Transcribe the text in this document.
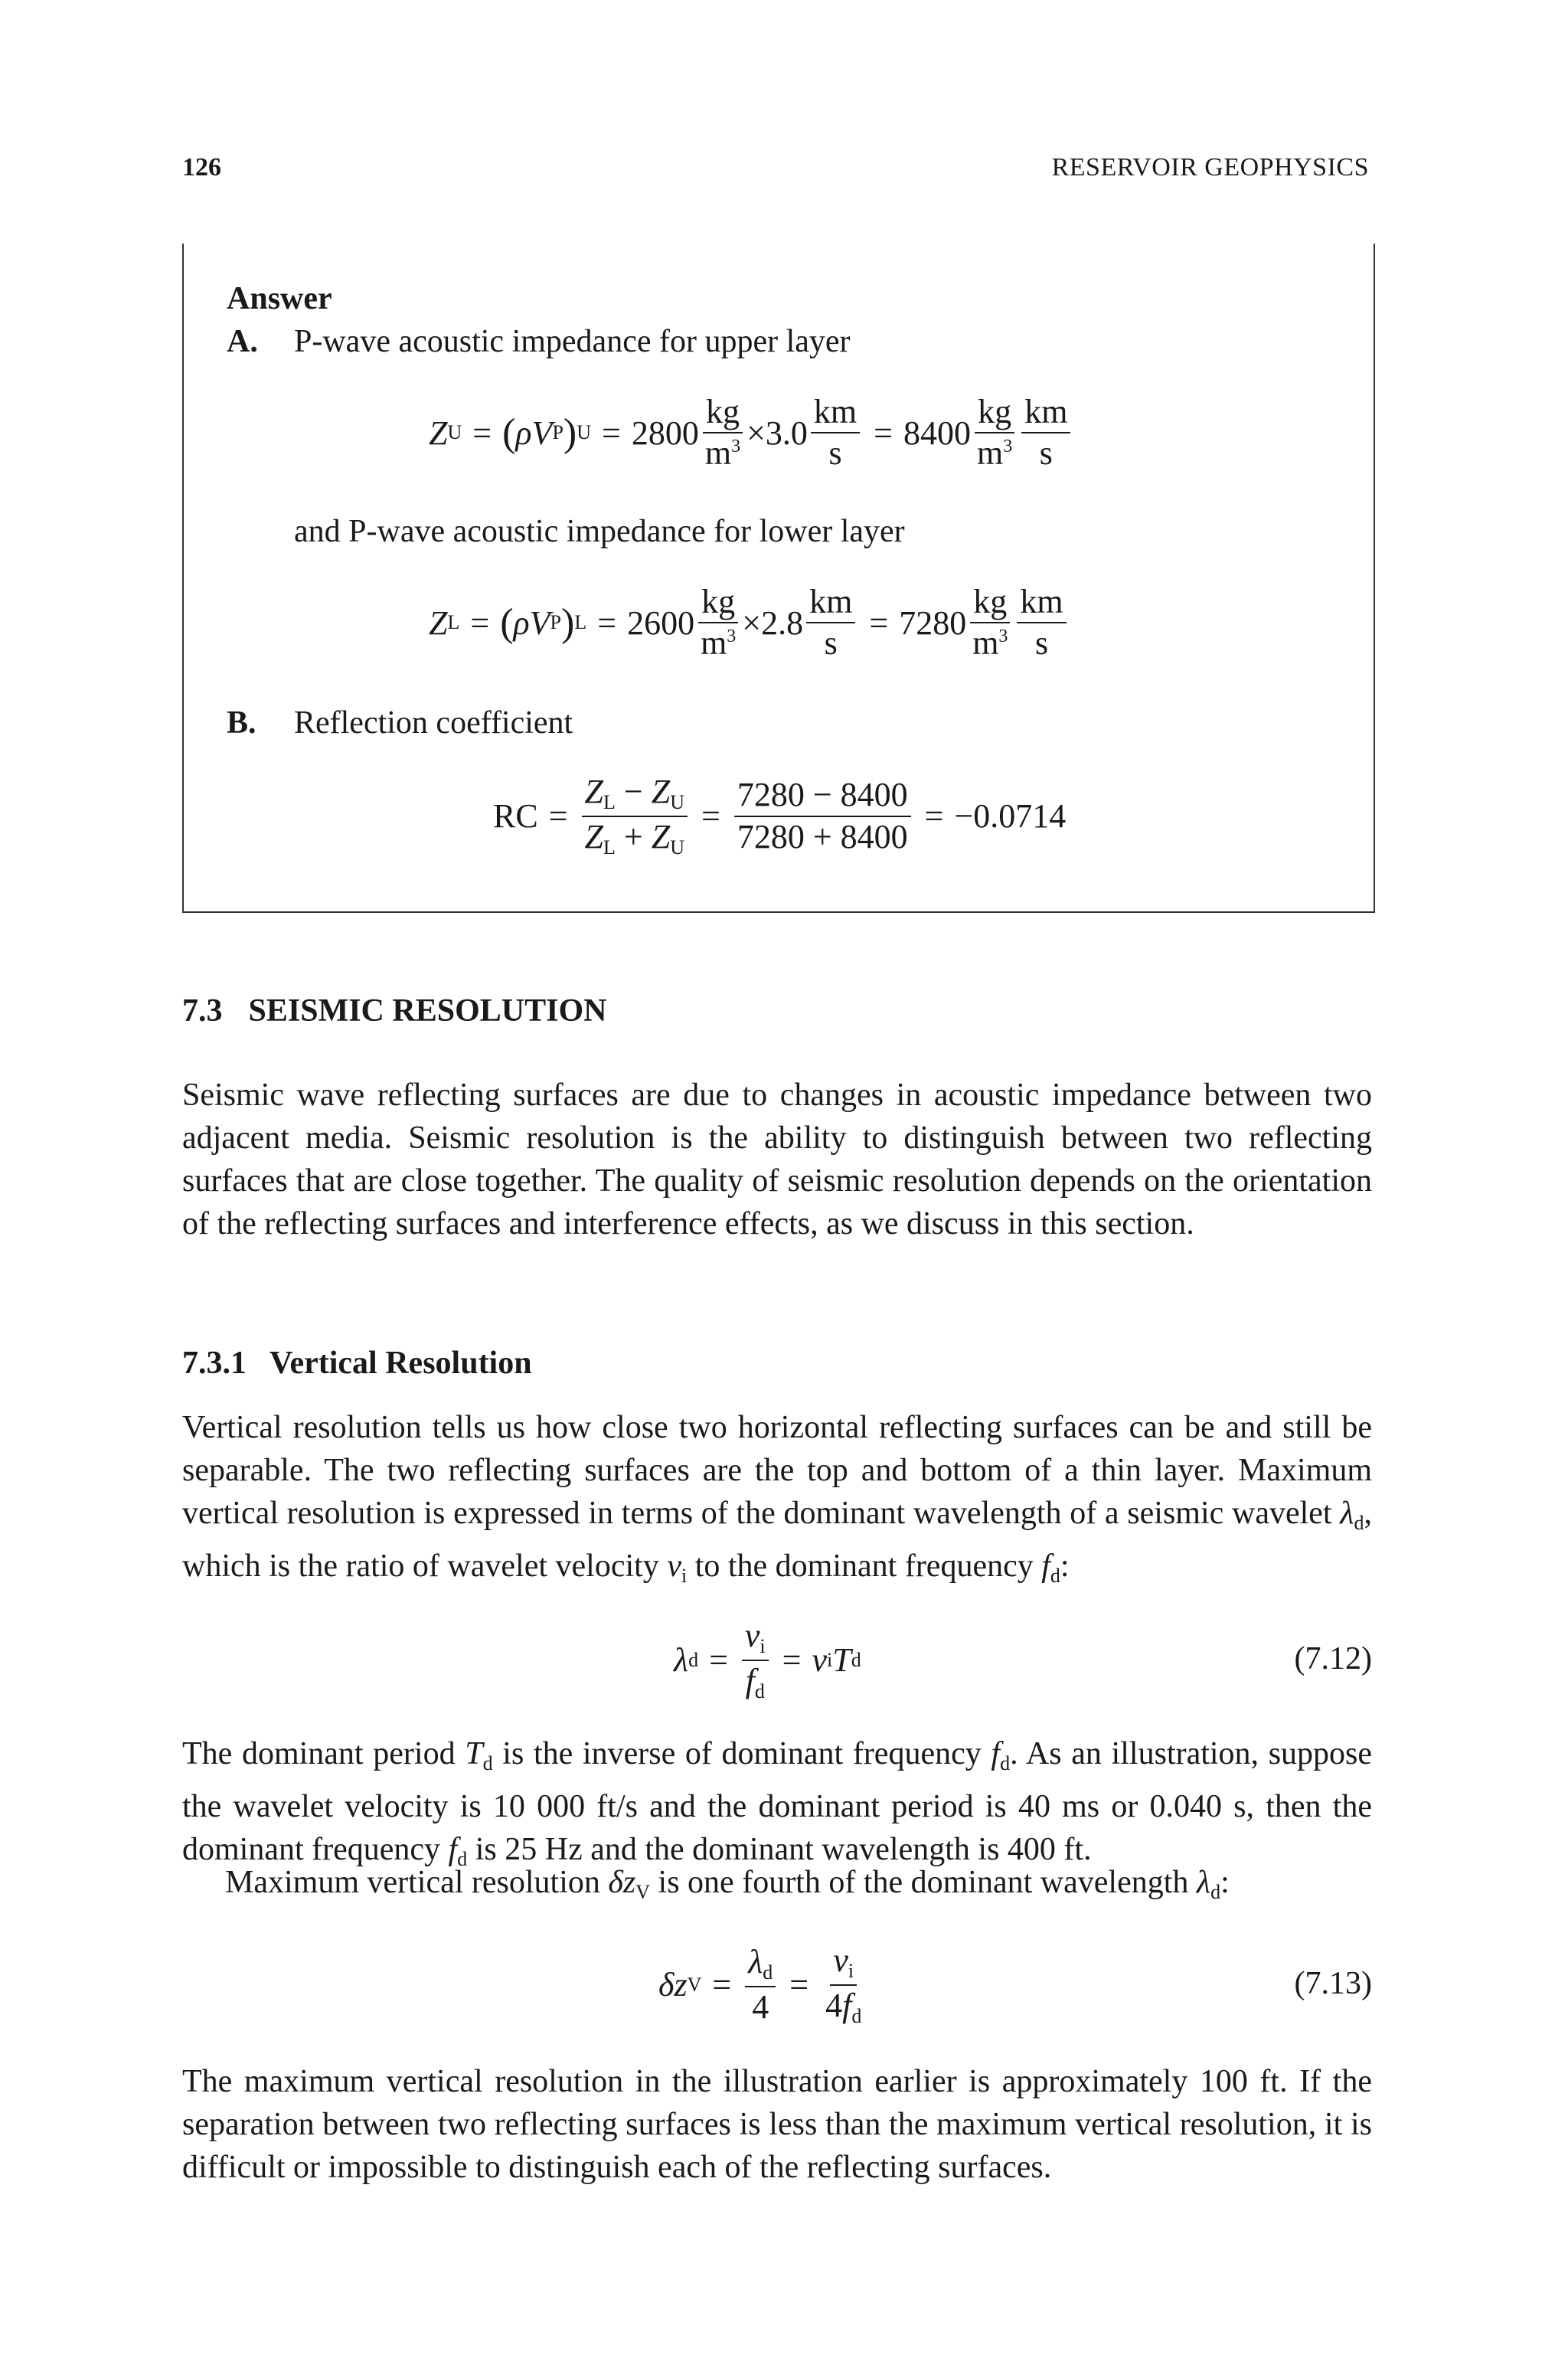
126	RESERVOIR GEOPHYSICS
Answer
A. P-wave acoustic impedance for upper layer
Z U = ( ρ V P ) $U = 2800 \frac{kg}{m^3} \times 3.0 \frac{km}{s} = 8400 \frac{kg}{m^3} \frac{km}{s}$
and P-wave acoustic impedance for lower layer
Z L = ( ρ V P ) $L = 2600 \frac{kg}{m^3} \times 2.8 \frac{km}{s} = 7280 \frac{kg}{m^3} \frac{km}{s}$
B. Reflection coefficient
RC = $\frac{Z_L - Z_U}{Z_L + Z_U} = \frac{7280 - 8400}{7280 + 8400} = -0.0714$
7.3 SEISMIC RESOLUTION

Seismic wave reflecting surfaces are due to changes in acoustic impedance between two adjacent media. Seismic resolution is the ability to distinguish between two reflecting surfaces that are close together. The quality of seismic resolution depends on the orientation of the reflecting surfaces and interference effects, as we discuss in this section.

7.3.1 Vertical Resolution

Vertical resolution tells us how close two horizontal reflecting surfaces can be and still be separable. The two reflecting surfaces are the top and bottom of a thin layer. Maximum vertical resolution is expressed in terms of the dominant wavelength of a seismic wavelet $\lambda_d$, which is the ratio of wavelet velocity $v_i$ to the dominant frequency $f_d$:

λ $d = \frac{v_i}{f_d} = v$ i T d	(7.12)

The dominant period $T_d$ is the inverse of dominant frequency $f_d$. As an illustration, suppose the wavelet velocity is 10 000 ft/s and the dominant period is 40 ms or 0.040 s, then the dominant frequency $f_d$ is 25 Hz and the dominant wavelength is 400 ft.

Maximum vertical resolution $\delta z_V$ is one fourth of the dominant wavelength $\lambda_d$:

δz $V = \frac{\lambda_d}{4} = \frac{v_i}{4f_d}$	(7.13)

The maximum vertical resolution in the illustration earlier is approximately 100 ft. If the separation between two reflecting surfaces is less than the maximum vertical resolution, it is difficult or impossible to distinguish each of the reflecting surfaces.
